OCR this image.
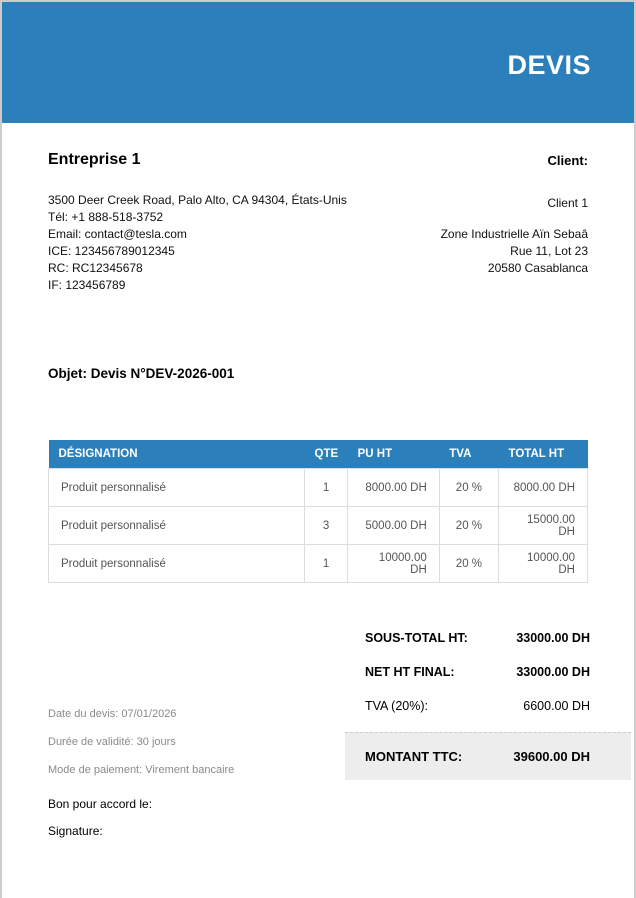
DEVIS
Entreprise 1
3500 Deer Creek Road, Palo Alto, CA 94304, États-Unis
Tél: +1 888-518-3752
Email: contact@tesla.com
ICE: 123456789012345
RC: RC12345678
IF: 123456789
Client:
Client 1
Zone Industrielle Aïn Sebaâ
Rue 11, Lot 23
20580 Casablanca
Objet: Devis N°DEV-2026-001
DÉSIGNATION	QTE	PU HT	TVA	TOTAL HT
Produit personnalisé	1	8000.00 DH	20 %	8000.00 DH
Produit personnalisé	3	5000.00 DH	20 %	15000.00 DH
Produit personnalisé	1	10000.00 DH	20 %	10000.00 DH
SOUS-TOTAL HT:	33000.00 DH
NET HT FINAL:	33000.00 DH
TVA (20%):	6600.00 DH
MONTANT TTC:	39600.00 DH
Date du devis: 07/01/2026
Durée de validité: 30 jours
Mode de paiement: Virement bancaire
Bon pour accord le:
Signature:
